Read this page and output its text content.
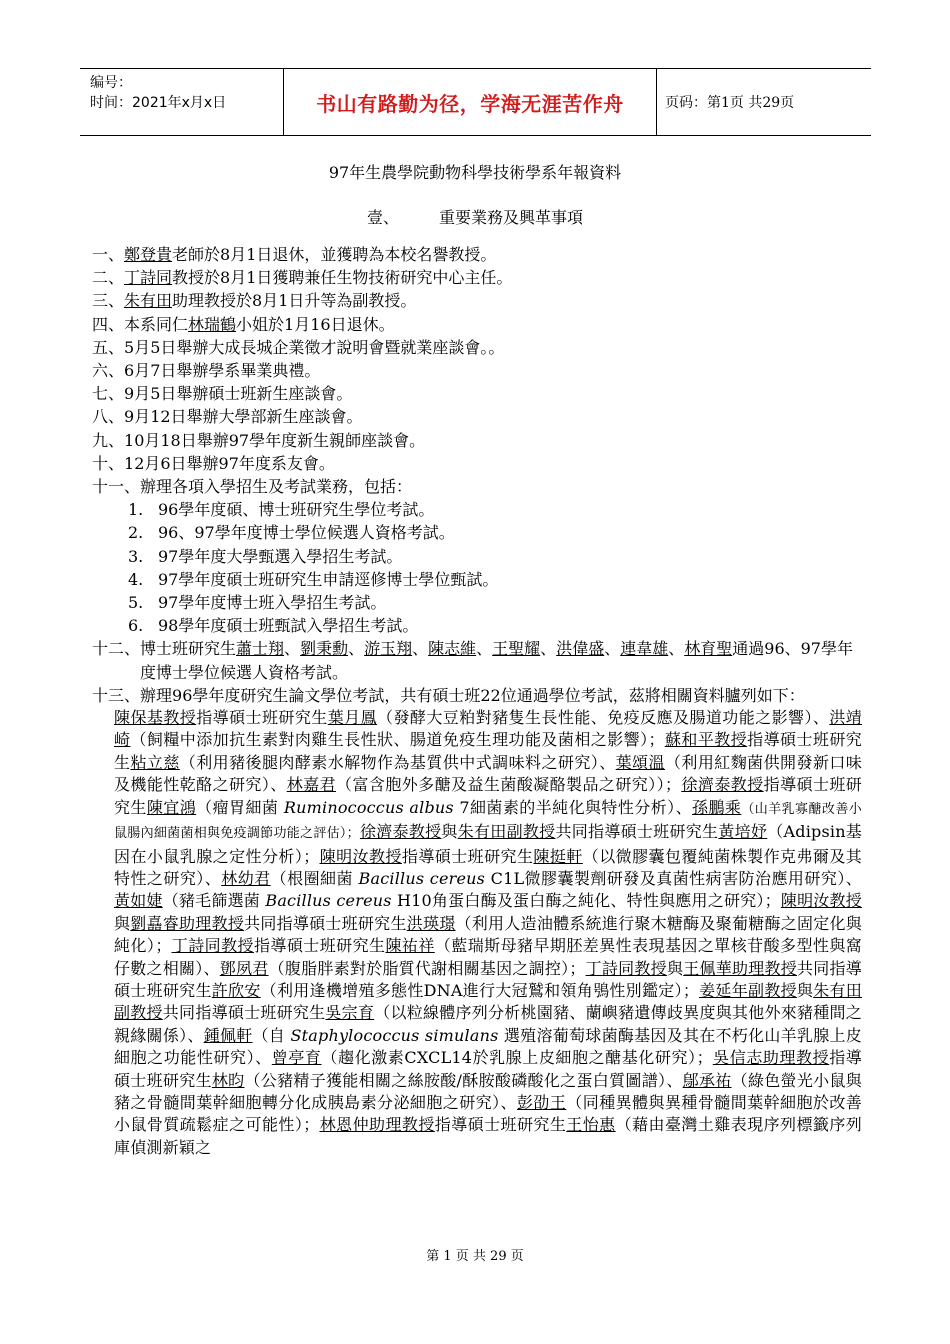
编号：
时间：2021年x月x日	书山有路勤为径，学海无涯苦作舟	页码：第1页 共29页
97年生農學院動物科學技術學系年報資料
壹、	重要業務及興革事項
一、 鄭登貴老師於8月1日退休，並獲聘為本校名譽教授。
二、 丁詩同教授於8月1日獲聘兼任生物技術研究中心主任。
三、 朱有田助理教授於8月1日升等為副教授。
四、 本系同仁林瑞鶴小姐於1月16日退休。
五、 5月5日舉辦大成長城企業徵才說明會暨就業座談會。。
六、 6月7日舉辦學系畢業典禮。
七、 9月5日舉辦碩士班新生座談會。
八、 9月12日舉辦大學部新生座談會。
九、 10月18日舉辦97學年度新生親師座談會。
十、 12月6日舉辦97年度系友會。
十一、 辦理各項入學招生及考試業務，包括：
1. 96學年度碩、博士班研究生學位考試。
2. 96、97學年度博士學位候選人資格考試。
3. 97學年度大學甄選入學招生考試。
4. 97學年度碩士班研究生申請逕修博士學位甄試。
5. 97學年度博士班入學招生考試。
6. 98學年度碩士班甄試入學招生考試。
十二、 博士班研究生蕭士翔、劉秉勳、游玉翔、陳志維、王聖耀、洪偉盛、連韋雄、林育聖通過96、97學年度博士學位候選人資格考試。
十三、 辦理96學年度研究生論文學位考試，共有碩士班22位通過學位考試，茲將相關資料臚列如下：
陳保基教授指導碩士班研究生葉月鳳（發酵大豆粕對豬隻生長性能、免疫反應及腸道功能之影響）、洪靖崎（飼糧中添加抗生素對肉雞生長性狀、腸道免疫生理功能及菌相之影響）；蘇和平教授指導碩士班研究生粘立慈（利用豬後腿肉酵素水解物作為基質供中式調味料之研究）、葉頌溫（利用紅麴菌供開發新口味及機能性乾酪之研究）、林嘉君（富含胞外多醣及益生菌酸凝酪製品之研究））；徐濟泰教授指導碩士班研究生陳宜鴻（瘤胃細菌 Ruminococcus albus 7細菌素的半純化與特性分析）、孫鵬乘（山羊乳寡醣改善小鼠腸內細菌菌相與免疫調節功能之評估）；徐濟泰教授與朱有田副教授共同指導碩士班研究生黃培妤（Adipsin基因在小鼠乳腺之定性分析）；陳明汝教授指導碩士班研究生陳挺軒（以微膠囊包覆純菌株製作克弗爾及其特性之研究）、林幼君（根圈細菌 Bacillus cereus C1L微膠囊製劑研發及真菌性病害防治應用研究）、黃如婕（豬毛篩選菌 Bacillus cereus H10角蛋白酶及蛋白酶之純化、特性與應用之研究）；陳明汝教授與劉嚞睿助理教授共同指導碩士班研究生洪瑛璟（利用人造油體系統進行聚木糖酶及聚葡糖酶之固定化與純化）；丁詩同教授指導碩士班研究生陳祐祥（藍瑞斯母豬早期胚差異性表現基因之單核苷酸多型性與窩仔數之相關）、鄧夙君（腹脂胖素對於脂質代謝相關基因之調控）；丁詩同教授與王佩華助理教授共同指導碩士班研究生許欣安（利用逢機增殖多態性DNA進行大冠鷲和領角鴞性別鑑定）；姜延年副教授與朱有田副教授共同指導碩士班研究生吳宗育（以粒線體序列分析桃園豬、蘭嶼豬遺傳歧異度與其他外來豬種間之親緣關係）、鍾佩軒（自 Staphylococcus simulans 選殖溶葡萄球菌酶基因及其在不朽化山羊乳腺上皮細胞之功能性研究）、曾亭育（趨化激素CXCL14於乳腺上皮細胞之醣基化研究）；吳信志助理教授指導碩士班研究生林昀（公豬精子獲能相關之絲胺酸/酥胺酸磷酸化之蛋白質圖譜）、鄔承祐（綠色螢光小鼠與豬之骨髓間葉幹細胞轉分化成胰島素分泌細胞之研究）、彭劭王（同種異體與異種骨髓間葉幹細胞於改善小鼠骨質疏鬆症之可能性）；林恩仲助理教授指導碩士班研究生王怡惠（藉由臺灣土雞表現序列標籤序列庫偵測新穎之
第 1 页 共 29 页
